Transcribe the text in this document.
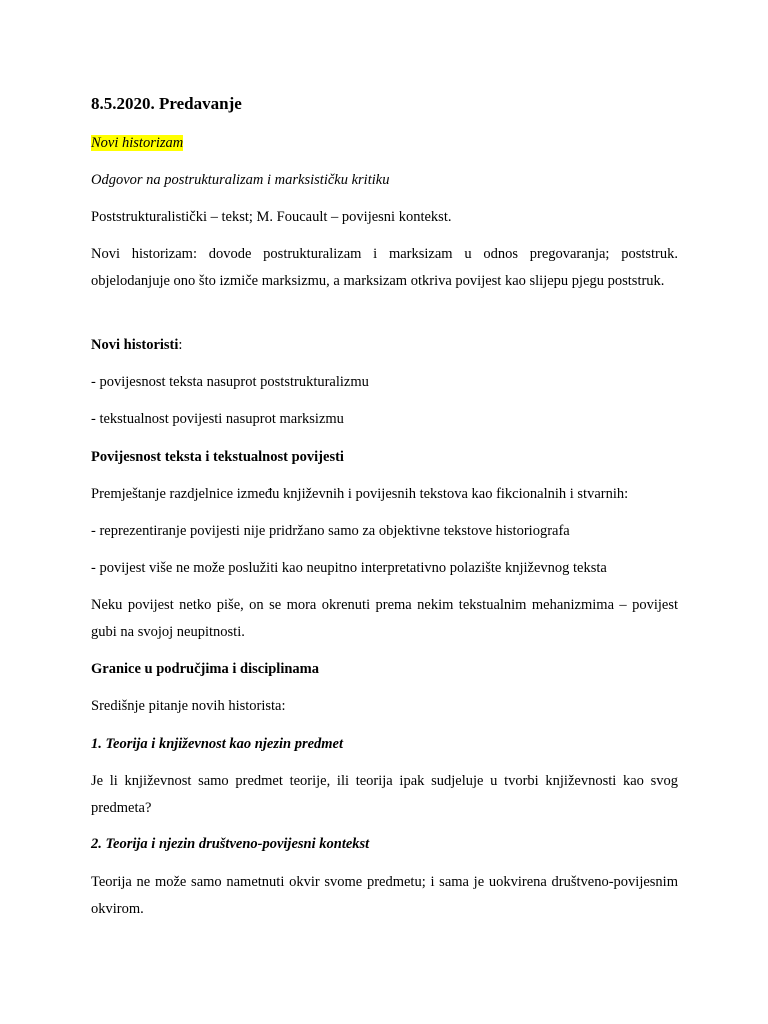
8.5.2020. Predavanje
Novi historizam
Odgovor na postrukturalizam i marksističku kritiku
Poststrukturalistički – tekst; M. Foucault – povijesni kontekst.
Novi historizam: dovode postrukturalizam i marksizam u odnos pregovaranja; poststruk. objelodanjuje ono što izmiče marksizmu, a marksizam otkriva povijest kao slijepu pjegu poststruk.
Novi historisti:
- povijesnost teksta nasuprot poststrukturalizmu
- tekstualnost povijesti nasuprot marksizmu
Povijesnost teksta i tekstualnost povijesti
Premještanje razdjelnice između književnih i povijesnih tekstova kao fikcionalnih i stvarnih:
- reprezentiranje povijesti nije pridržano samo za objektivne tekstove historiografa
- povijest više ne može poslužiti kao neupitno interpretativno polazište književnog teksta
Neku povijest netko piše, on se mora okrenuti prema nekim tekstualnim mehanizmima – povijest gubi na svojoj neupitnosti.
Granice u područjima i disciplinama
Središnje pitanje novih historista:
1. Teorija i književnost kao njezin predmet
Je li književnost samo predmet teorije, ili teorija ipak sudjeluje u tvorbi književnosti kao svog predmeta?
2. Teorija i njezin društveno-povijesni kontekst
Teorija ne može samo nametnuti okvir svome predmetu; i sama je uokvirena društveno-povijesnim okvirom.
